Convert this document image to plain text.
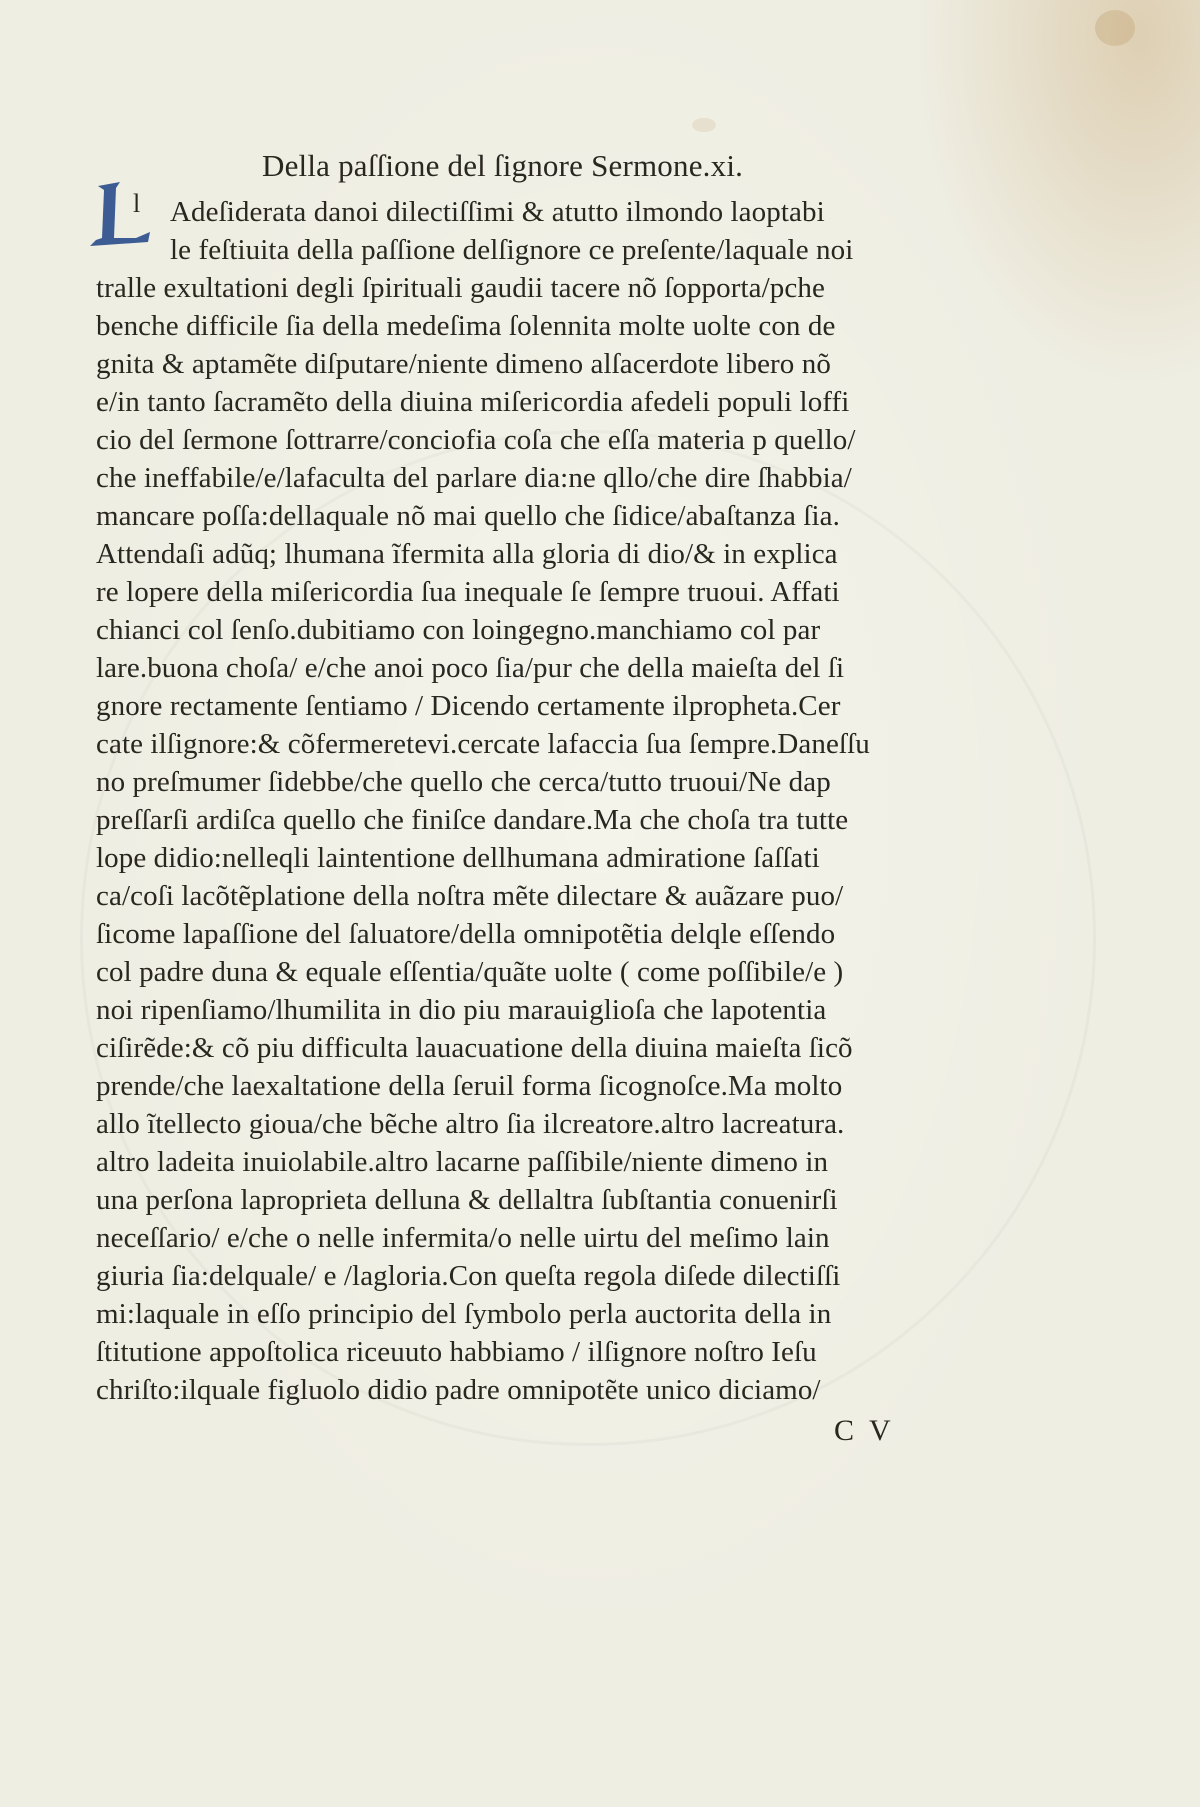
Della paſſione del ſignore Sermone.xi.
l Adeſiderata danoi dilectiſſimi & atutto ilmondo laoptabi
le feſtiuita della paſſione delſignore ce preſente/laquale noi
tralle exultationi degli ſpirituali gaudii tacere nõ ſopporta/pche
benche difficile ſia della medeſima ſolennita molte uolte con de
gnita & aptamẽte diſputare/niente dimeno alſacerdote libero nõ
e/in tanto ſacramẽto della diuina miſericordia afedeli populi loffi
cio del ſermone ſottrarre/conciofia coſa che eſſa materia p quello/
che ineffabile/e/lafaculta del parlare dia:ne qllo/che dire ſhabbia/
mancare poſſa:dellaquale nõ mai quello che ſidice/abaſtanza ſia.
Attendaſi adũq; lhumana ĩfermita alla gloria di dio/& in explica
re lopere della miſericordia ſua inequale ſe ſempre truoui. Affati
chianci col ſenſo.dubitiamo con loingegno.manchiamo col par
lare.buona choſa/ e/che anoi poco ſia/pur che della maieſta del ſi
gnore rectamente ſentiamo / Dicendo certamente ilpropheta.Cer
cate ilſignore:& cõfermeretevi.cercate lafaccia ſua ſempre.Daneſſu
no preſmumer ſidebbe/che quello che cerca/tutto truoui/Ne dap
preſſarſi ardiſca quello che finiſce dandare.Ma che choſa tra tutte
lope didio:nelleqli laintentione dellhumana admiratione ſaſſati
ca/coſi lacõtẽplatione della noſtra mẽte dilectare & auãzare puo/
ſicome lapaſſione del ſaluatore/della omnipotẽtia delqle eſſendo
col padre duna & equale eſſentia/quãte uolte ( come poſſibile/e )
noi ripenſiamo/lhumilita in dio piu marauiglioſa che lapotentia
ciſirẽde:& cõ piu difficulta lauacuatione della diuina maieſta ſicõ
prende/che laexaltatione della ſeruil forma ſicognoſce.Ma molto
allo ĩtellecto gioua/che bẽche altro ſia ilcreatore.altro lacreatura.
altro ladeita inuiolabile.altro lacarne paſſibile/niente dimeno in
una perſona laproprieta delluna & dellaltra ſubſtantia conuenirſi
neceſſario/ e/che o nelle infermita/o nelle uirtu del meſimo lain
giuria ſia:delquale/ e /lagloria.Con queſta regola diſede dilectiſſi
mi:laquale in eſſo principio del ſymbolo perla auctorita della in
ſtitutione appoſtolica riceuuto habbiamo / ilſignore noſtro Ieſu
chriſto:ilquale figluolo didio padre omnipotẽte unico diciamo/
C V
